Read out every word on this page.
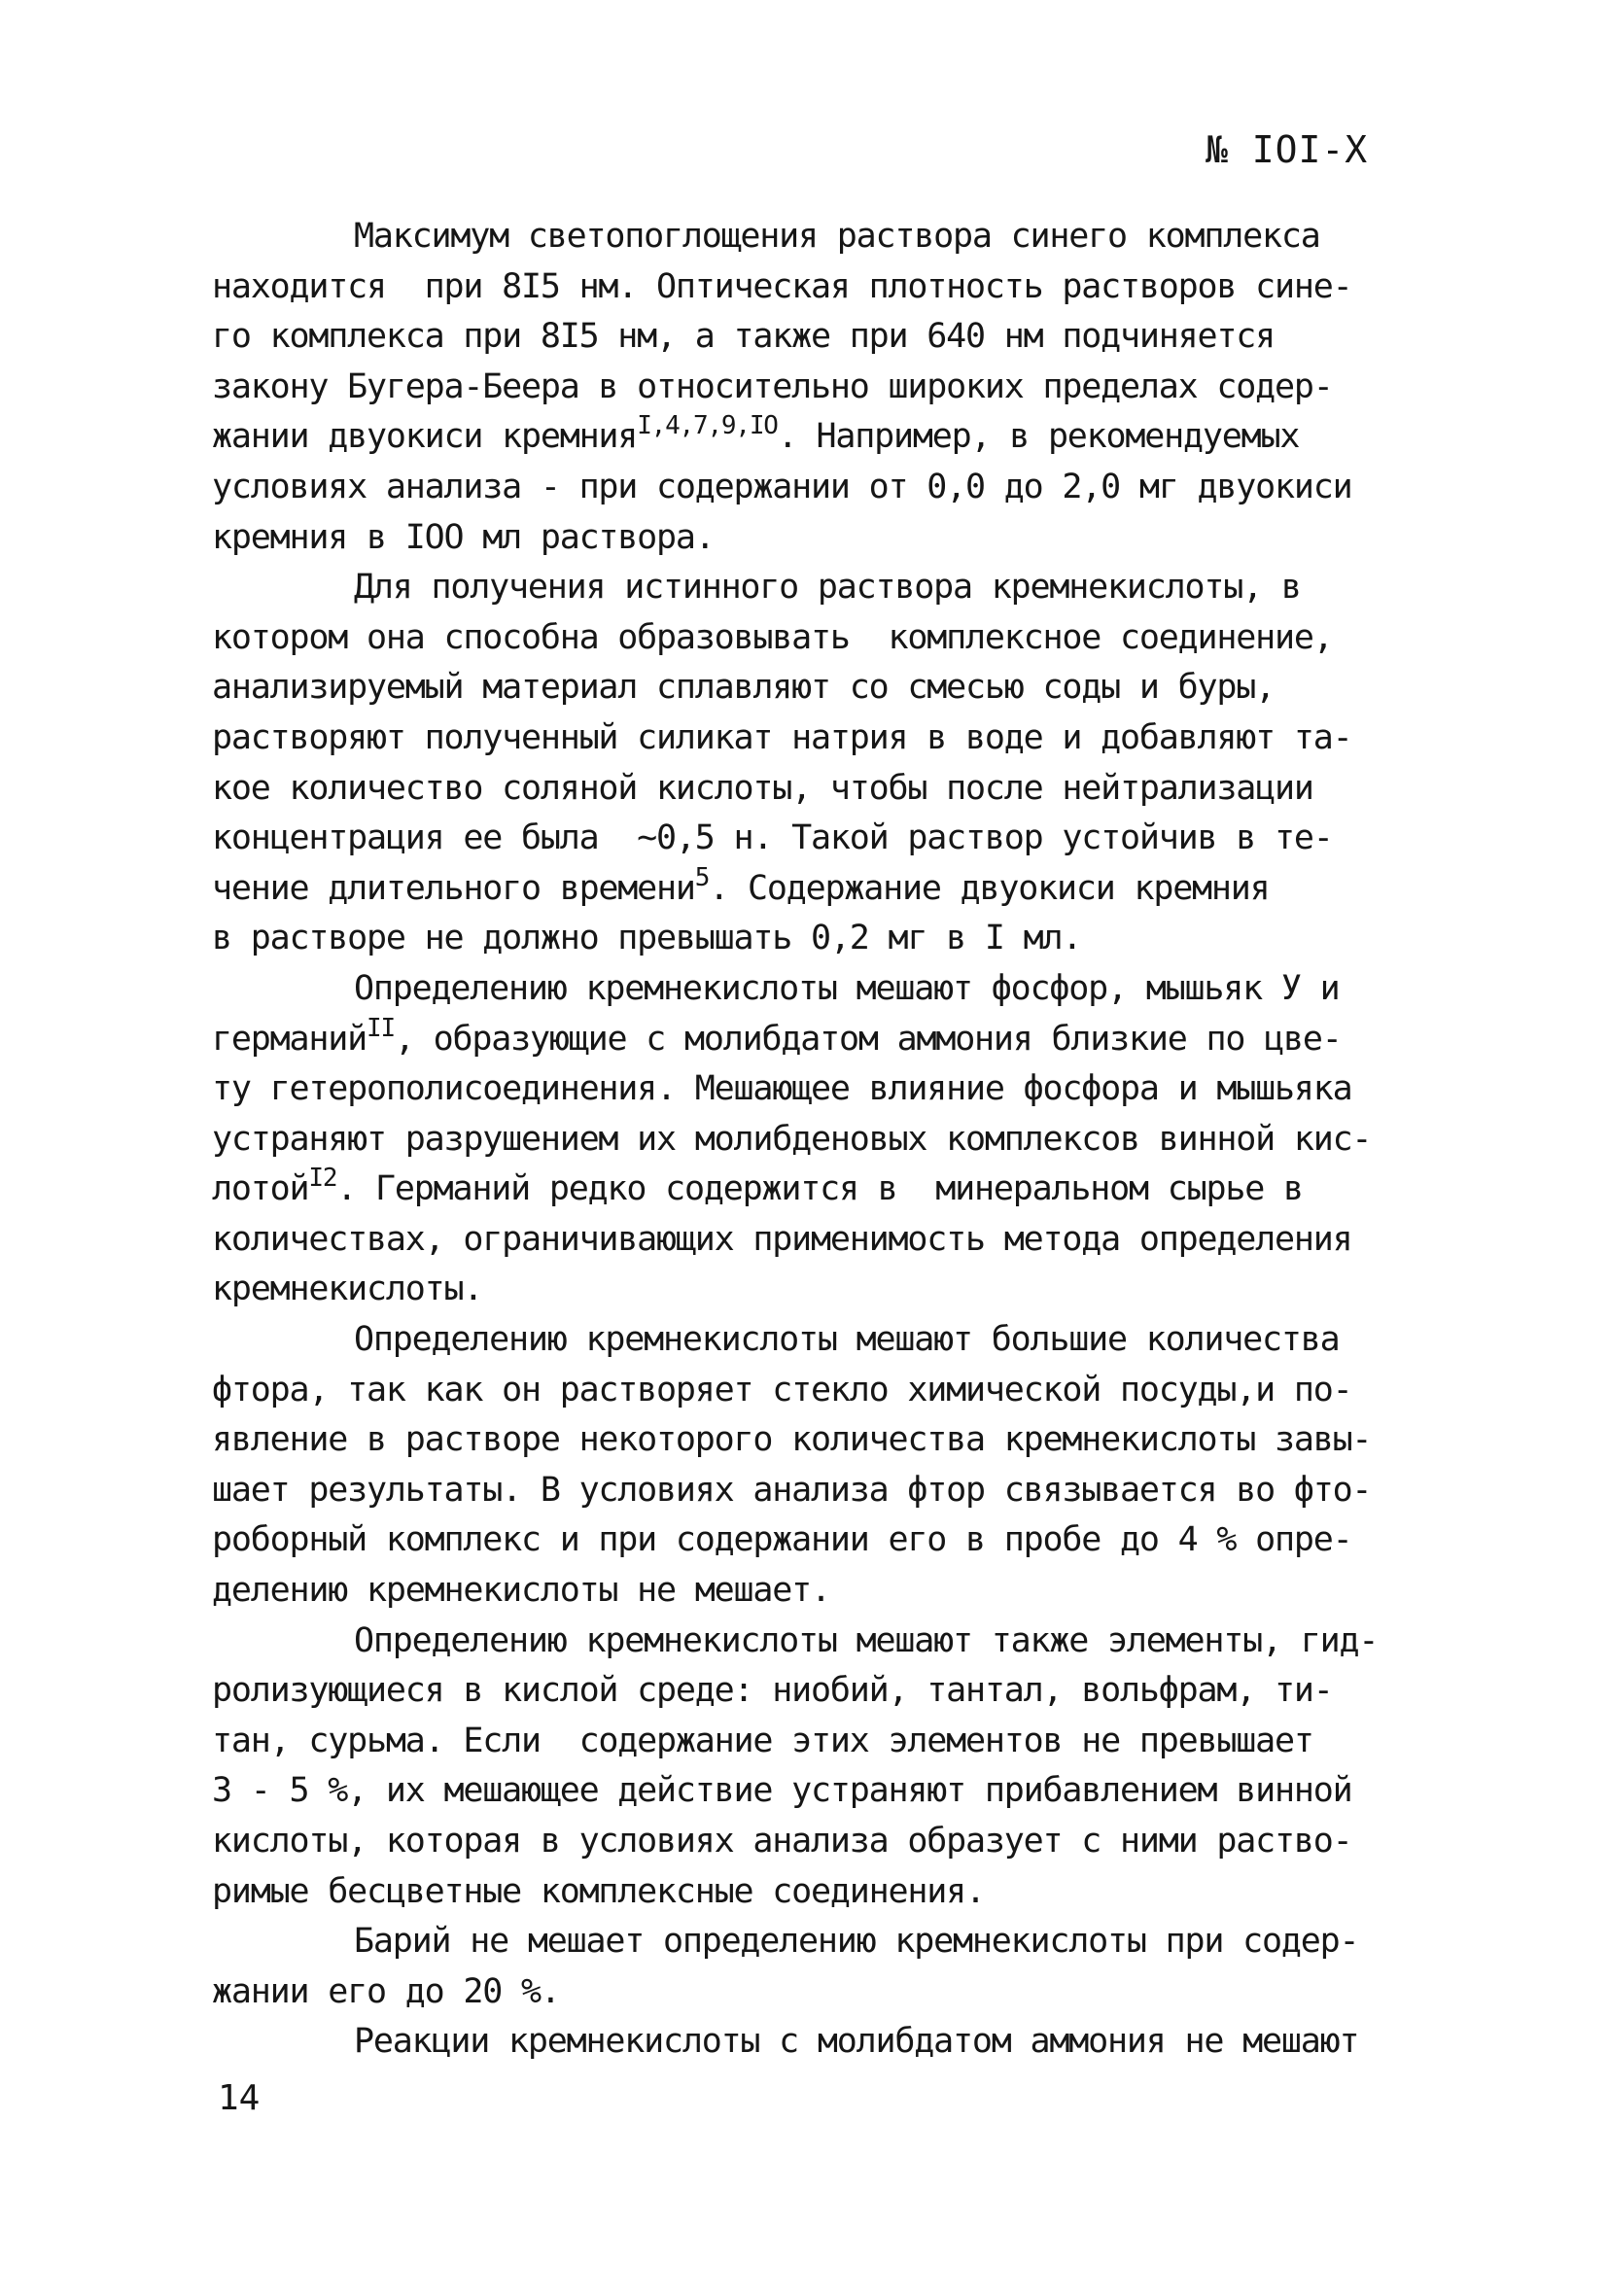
№ IOI-Х
Максимум светопоглощения раствора синего комплекса
находится  при 8I5 нм. Оптическая плотность растворов сине-
го комплекса при 8I5 нм, а также при 640 нм подчиняется
закону Бугера-Беера в относительно широких пределах содер-
жании двуокиси кремния$^{I,4,7,9,IO}$. Например, в рекомендуемых
условиях анализа - при содержании от 0,0 до 2,0 мг двуокиси
кремния в IOO мл раствора.
Для получения истинного раствора кремнекислоты, в
котором она способна образовывать  комплексное соединение,
анализируемый материал сплавляют со смесью соды и буры,
растворяют полученный силикат натрия в воде и добавляют та-
кое количество соляной кислоты, чтобы после нейтрализации
концентрация ее была  ~0,5 н. Такой раствор устойчив в те-
чение длительного времени$^5$. Содержание двуокиси кремния
в растворе не должно превышать 0,2 мг в I мл.
Определению кремнекислоты мешают фосфор, мышьяк У и
германий$^{II}$, образующие с молибдатом аммония близкие по цве-
ту гетерополисоединения. Мешающее влияние фосфора и мышьяка
устраняют разрушением их молибденовых комплексов винной кис-
лотой$^{I2}$. Германий редко содержится в  минеральном сырье в
количествах, ограничивающих применимость метода определения
кремнекислоты.
Определению кремнекислоты мешают большие количества
фтора, так как он растворяет стекло химической посуды,и по-
явление в растворе некоторого количества кремнекислоты завы-
шает результаты. В условиях анализа фтор связывается во фто-
роборный комплекс и при содержании его в пробе до 4 % опре-
делению кремнекислоты не мешает.
Определению кремнекислоты мешают также элементы, гид-
ролизующиеся в кислой среде: ниобий, тантал, вольфрам, ти-
тан, сурьма. Если  содержание этих элементов не превышает
3 - 5 %, их мешающее действие устраняют прибавлением винной
кислоты, которая в условиях анализа образует с ними раство-
римые бесцветные комплексные соединения.
Барий не мешает определению кремнекислоты при содер-
жании его до 20 %.
Реакции кремнекислоты с молибдатом аммония не мешают
14
